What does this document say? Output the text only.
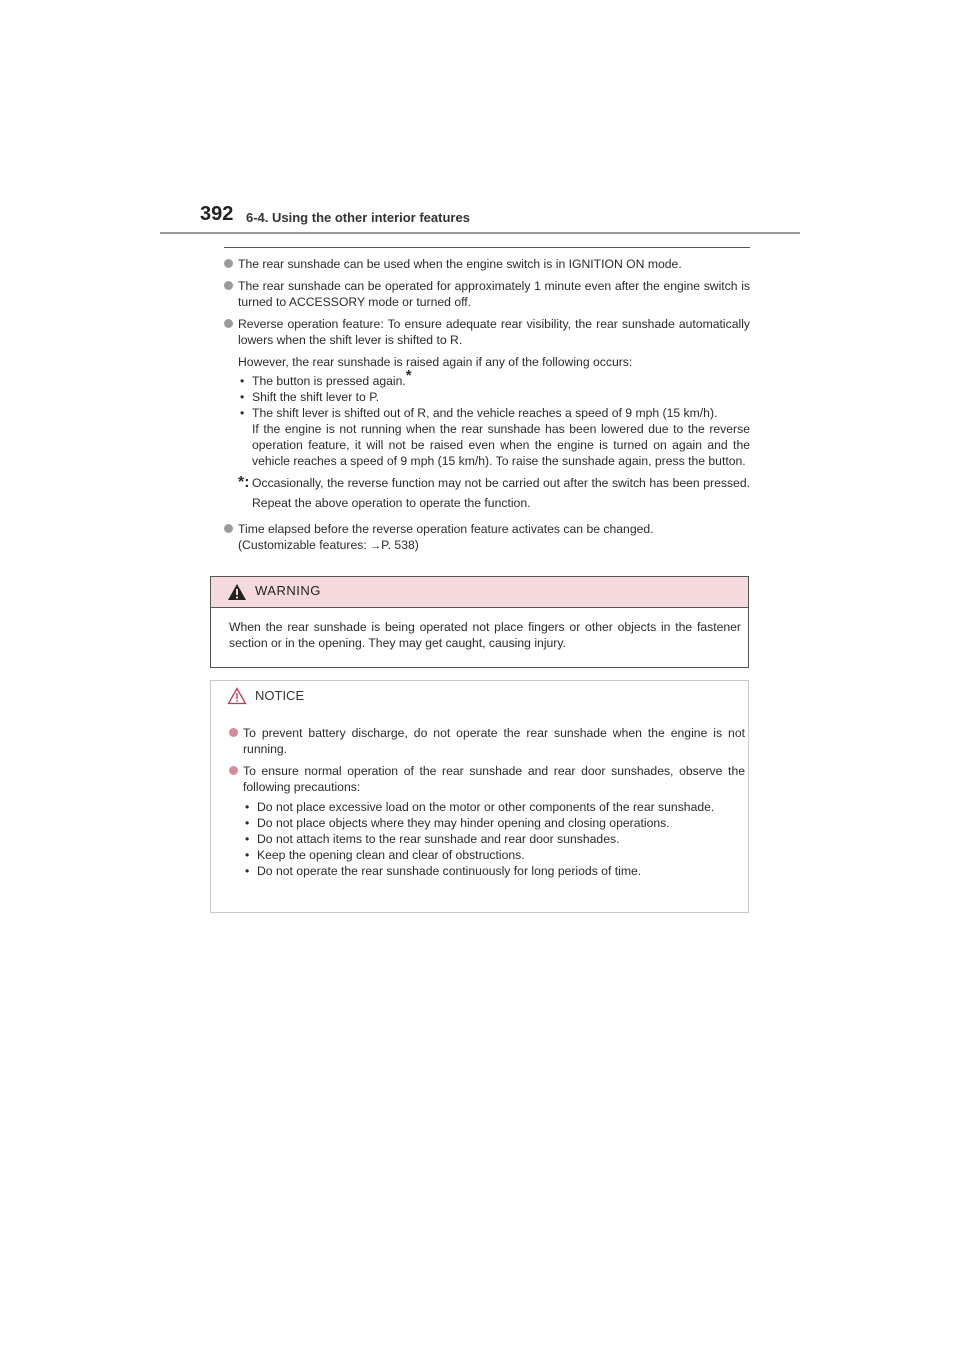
392 6-4. Using the other interior features
The rear sunshade can be used when the engine switch is in IGNITION ON mode.
The rear sunshade can be operated for approximately 1 minute even after the engine switch is turned to ACCESSORY mode or turned off.
Reverse operation feature: To ensure adequate rear visibility, the rear sunshade automatically lowers when the shift lever is shifted to R.
However, the rear sunshade is raised again if any of the following occurs:
• The button is pressed again.*
• Shift the shift lever to P.
• The shift lever is shifted out of R, and the vehicle reaches a speed of 9 mph (15 km/h).
If the engine is not running when the rear sunshade has been lowered due to the reverse operation feature, it will not be raised even when the engine is turned on again and the vehicle reaches a speed of 9 mph (15 km/h). To raise the sunshade again, press the button.
*: Occasionally, the reverse function may not be carried out after the switch has been pressed. Repeat the above operation to operate the function.
Time elapsed before the reverse operation feature activates can be changed.
(Customizable features: →P. 538)
WARNING
When the rear sunshade is being operated not place fingers or other objects in the fastener section or in the opening. They may get caught, causing injury.
NOTICE
To prevent battery discharge, do not operate the rear sunshade when the engine is not running.
To ensure normal operation of the rear sunshade and rear door sunshades, observe the following precautions:
• Do not place excessive load on the motor or other components of the rear sunshade.
• Do not place objects where they may hinder opening and closing operations.
• Do not attach items to the rear sunshade and rear door sunshades.
• Keep the opening clean and clear of obstructions.
• Do not operate the rear sunshade continuously for long periods of time.
